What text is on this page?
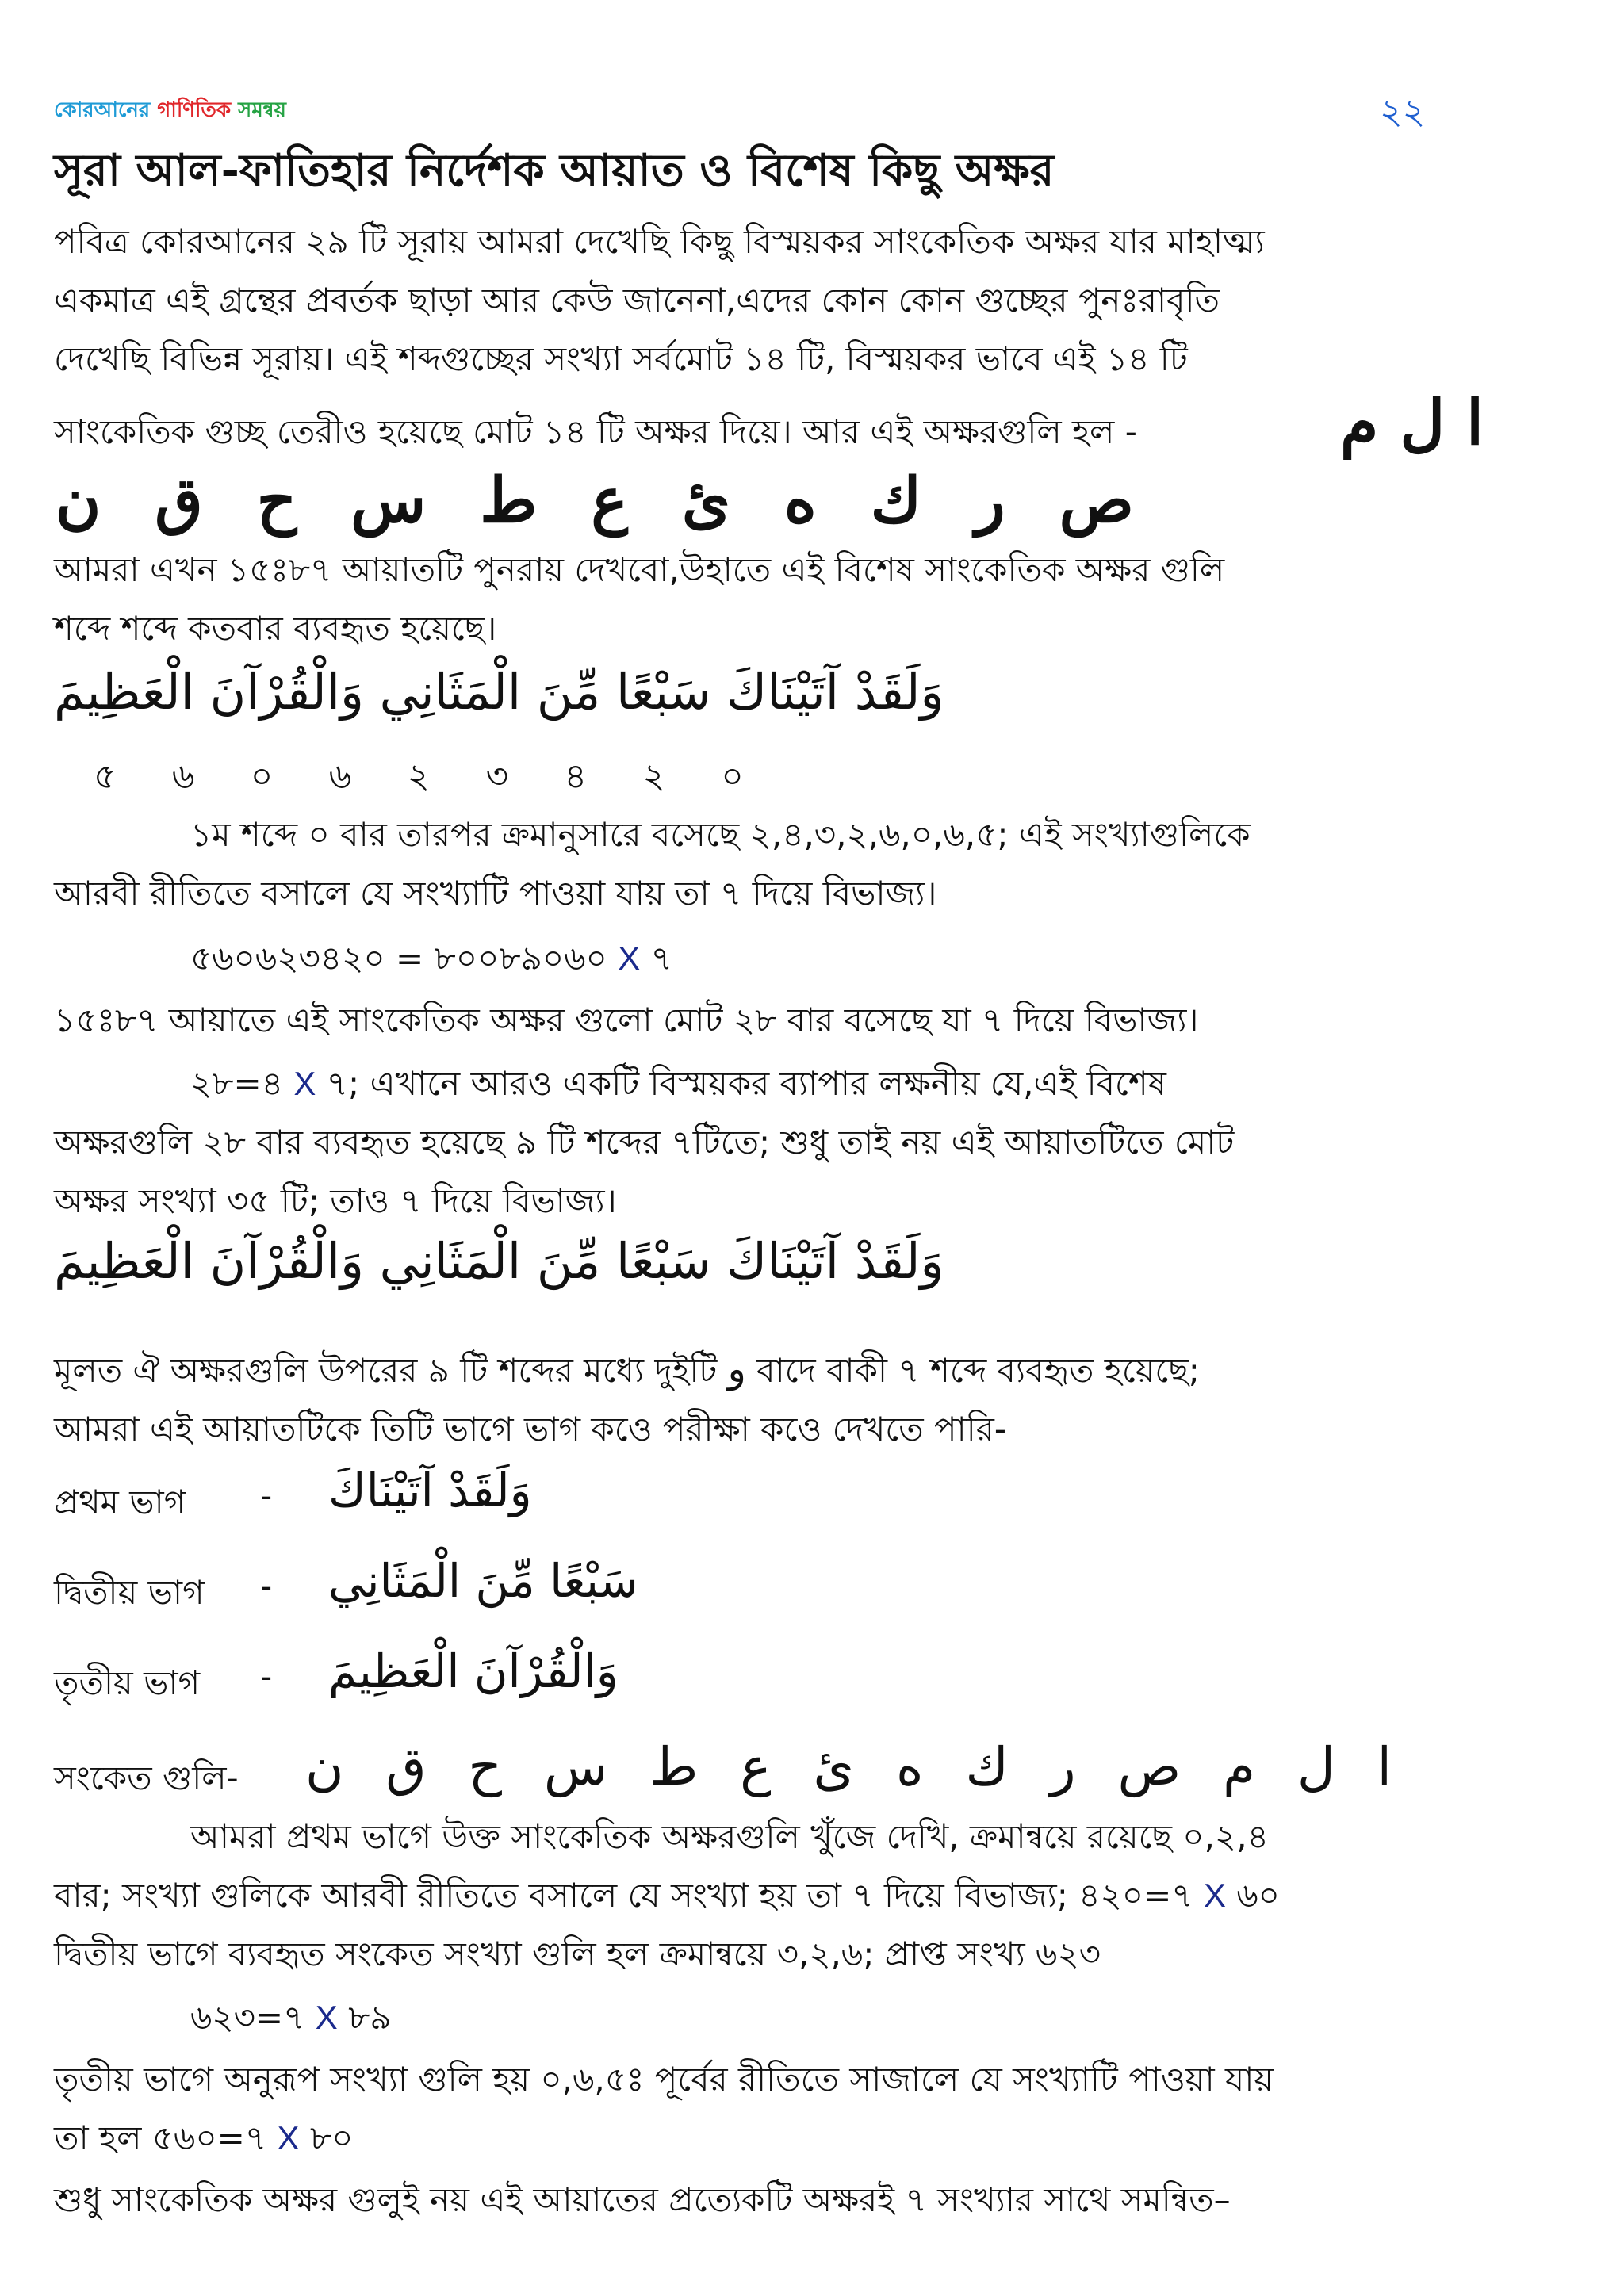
কোরআনের গাণিতিক সমন্বয়	২২
সূরা আল-ফাতিহার নির্দেশক আয়াত ও বিশেষ কিছু অক্ষর
পবিত্র কোরআনের ২৯ টি সূরায় আমরা দেখেছি কিছু বিস্ময়কর সাংকেতিক অক্ষর যার মাহাত্ম্য
একমাত্র এই গ্রন্থের প্রবর্তক ছাড়া আর কেউ জানেনা,এদের কোন কোন গুচ্ছের পুনঃরাবৃতি
দেখেছি বিভিন্ন সূরায়। এই শব্দগুচ্ছের সংখ্যা সর্বমোট ১৪ টি, বিস্ময়কর ভাবে এই ১৪ টি
সাংকেতিক গুচ্ছ তেরীও হয়েছে মোট ১৪ টি অক্ষর দিয়ে। আর এই অক্ষরগুলি হল -	ا ل م
ن ق ح س ط ع ئ ه ك ر ص
আমরা এখন ১৫ঃ৮৭ আয়াতটি পুনরায় দেখবো,উহাতে এই বিশেষ সাংকেতিক অক্ষর গুলি
শব্দে শব্দে কতবার ব্যবহৃত হয়েছে।
وَلَقَدْ آتَيْنَاكَ سَبْعًا مِّنَ الْمَثَانِي وَالْقُرْآنَ الْعَظِيمَ
৫ ৬ ০ ৬ ২ ৩ ৪ ২ ০
১ম শব্দে ০ বার তারপর ক্রমানুসারে বসেছে ২,৪,৩,২,৬,০,৬,৫; এই সংখ্যাগুলিকে
আরবী রীতিতে বসালে যে সংখ্যাটি পাওয়া যায় তা ৭ দিয়ে বিভাজ্য।
৫৬০৬২৩৪২০ = ৮০০৮৯০৬০ X ৭
১৫ঃ৮৭ আয়াতে এই সাংকেতিক অক্ষর গুলো মোট ২৮ বার বসেছে যা ৭ দিয়ে বিভাজ্য।
২৮=৪ X ৭; এখানে আরও একটি বিস্ময়কর ব্যাপার লক্ষনীয় যে,এই বিশেষ
অক্ষরগুলি ২৮ বার ব্যবহৃত হয়েছে ৯ টি শব্দের ৭টিতে; শুধু তাই নয় এই আয়াতটিতে মোট
অক্ষর সংখ্যা ৩৫ টি; তাও ৭ দিয়ে বিভাজ্য।
وَلَقَدْ آتَيْنَاكَ سَبْعًا مِّنَ الْمَثَانِي وَالْقُرْآنَ الْعَظِيمَ
মূলত ঐ অক্ষরগুলি উপরের ৯ টি শব্দের মধ্যে দুইটি و বাদে বাকী ৭ শব্দে ব্যবহৃত হয়েছে;
আমরা এই আয়াতটিকে তিটি ভাগে ভাগ কওে পরীক্ষা কওে দেখতে পারি-
প্রথম ভাগ - وَلَقَدْ آتَيْنَاكَ
দ্বিতীয় ভাগ - سَبْعًا مِّنَ الْمَثَانِي
তৃতীয় ভাগ - وَالْقُرْآنَ الْعَظِيمَ
সংকেত গুলি- ن ق ح س ط ع ئ ه ك ر ص م ل ا
আমরা প্রথম ভাগে উক্ত সাংকেতিক অক্ষরগুলি খুঁজে দেখি, ক্রমান্বয়ে রয়েছে ০,২,৪
বার; সংখ্যা গুলিকে আরবী রীতিতে বসালে যে সংখ্যা হয় তা ৭ দিয়ে বিভাজ্য; ৪২০=৭ X ৬০
দ্বিতীয় ভাগে ব্যবহৃত সংকেত সংখ্যা গুলি হল ক্রমান্বয়ে ৩,২,৬; প্রাপ্ত সংখ্য ৬২৩
৬২৩=৭ X ৮৯
তৃতীয় ভাগে অনুরূপ সংখ্যা গুলি হয় ০,৬,৫ঃ পূর্বের রীতিতে সাজালে যে সংখ্যাটি পাওয়া যায়
তা হল ৫৬০=৭ X ৮০
শুধু সাংকেতিক অক্ষর গুলুই নয় এই আয়াতের প্রত্যেকটি অক্ষরই ৭ সংখ্যার সাথে সমন্বিত–
